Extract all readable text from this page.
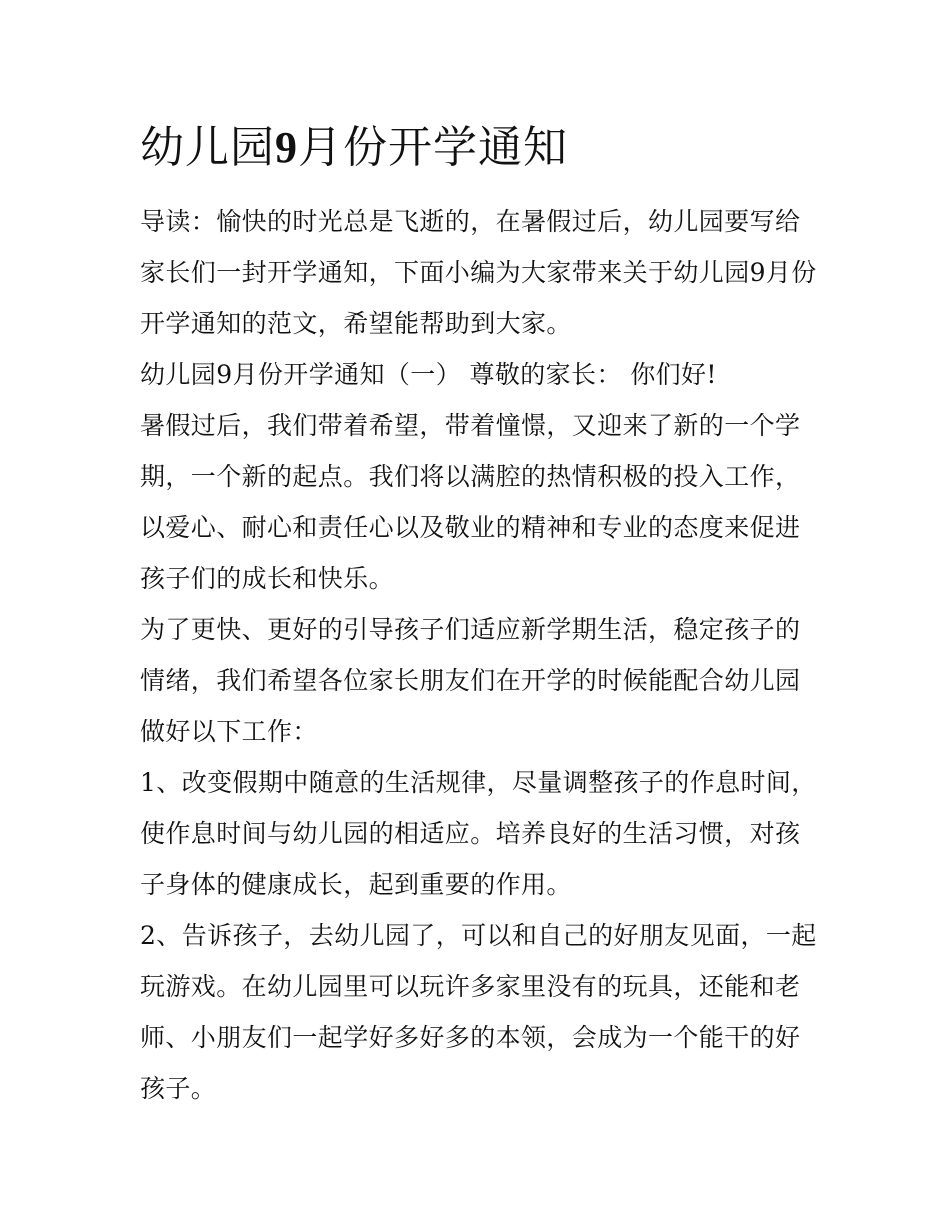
幼儿园9月份开学通知

导读：愉快的时光总是飞逝的，在暑假过后，幼儿园要写给家长们一封开学通知，下面小编为大家带来关于幼儿园9月份开学通知的范文，希望能帮助到大家。

幼儿园9月份开学通知（一） 尊敬的家长： 你们好!

暑假过后，我们带着希望，带着憧憬，又迎来了新的一个学期，一个新的起点。我们将以满腔的热情积极的投入工作，以爱心、耐心和责任心以及敬业的精神和专业的态度来促进孩子们的成长和快乐。

为了更快、更好的引导孩子们适应新学期生活，稳定孩子的情绪，我们希望各位家长朋友们在开学的时候能配合幼儿园做好以下工作：

1、改变假期中随意的生活规律，尽量调整孩子的作息时间，使作息时间与幼儿园的相适应。培养良好的生活习惯，对孩子身体的健康成长，起到重要的作用。

2、告诉孩子，去幼儿园了，可以和自己的好朋友见面，一起玩游戏。在幼儿园里可以玩许多家里没有的玩具，还能和老师、小朋友们一起学好多好多的本领，会成为一个能干的好孩子。
